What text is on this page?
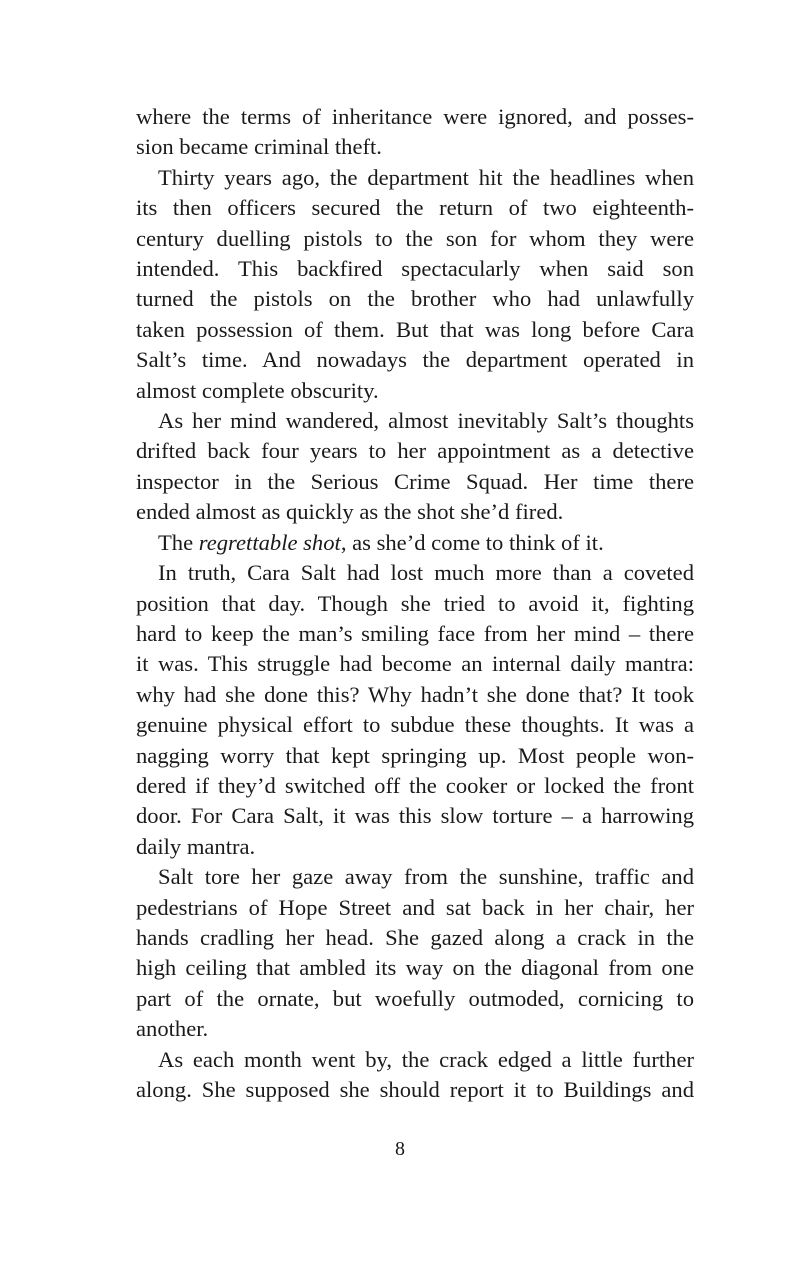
where the terms of inheritance were ignored, and posses-
sion became criminal theft.

Thirty years ago, the department hit the headlines when
its then officers secured the return of two eighteenth-
century duelling pistols to the son for whom they were
intended. This backfired spectacularly when said son
turned the pistols on the brother who had unlawfully
taken possession of them. But that was long before Cara
Salt’s time. And nowadays the department operated in
almost complete obscurity.

As her mind wandered, almost inevitably Salt’s thoughts
drifted back four years to her appointment as a detective
inspector in the Serious Crime Squad. Her time there
ended almost as quickly as the shot she’d fired.

The regrettable shot, as she’d come to think of it.

In truth, Cara Salt had lost much more than a coveted
position that day. Though she tried to avoid it, fighting
hard to keep the man’s smiling face from her mind – there
it was. This struggle had become an internal daily mantra:
why had she done this? Why hadn’t she done that? It took
genuine physical effort to subdue these thoughts. It was a
nagging worry that kept springing up. Most people won-
dered if they’d switched off the cooker or locked the front
door. For Cara Salt, it was this slow torture – a harrowing
daily mantra.

Salt tore her gaze away from the sunshine, traffic and
pedestrians of Hope Street and sat back in her chair, her
hands cradling her head. She gazed along a crack in the
high ceiling that ambled its way on the diagonal from one
part of the ornate, but woefully outmoded, cornicing to
another.

As each month went by, the crack edged a little further
along. She supposed she should report it to Buildings and

8
